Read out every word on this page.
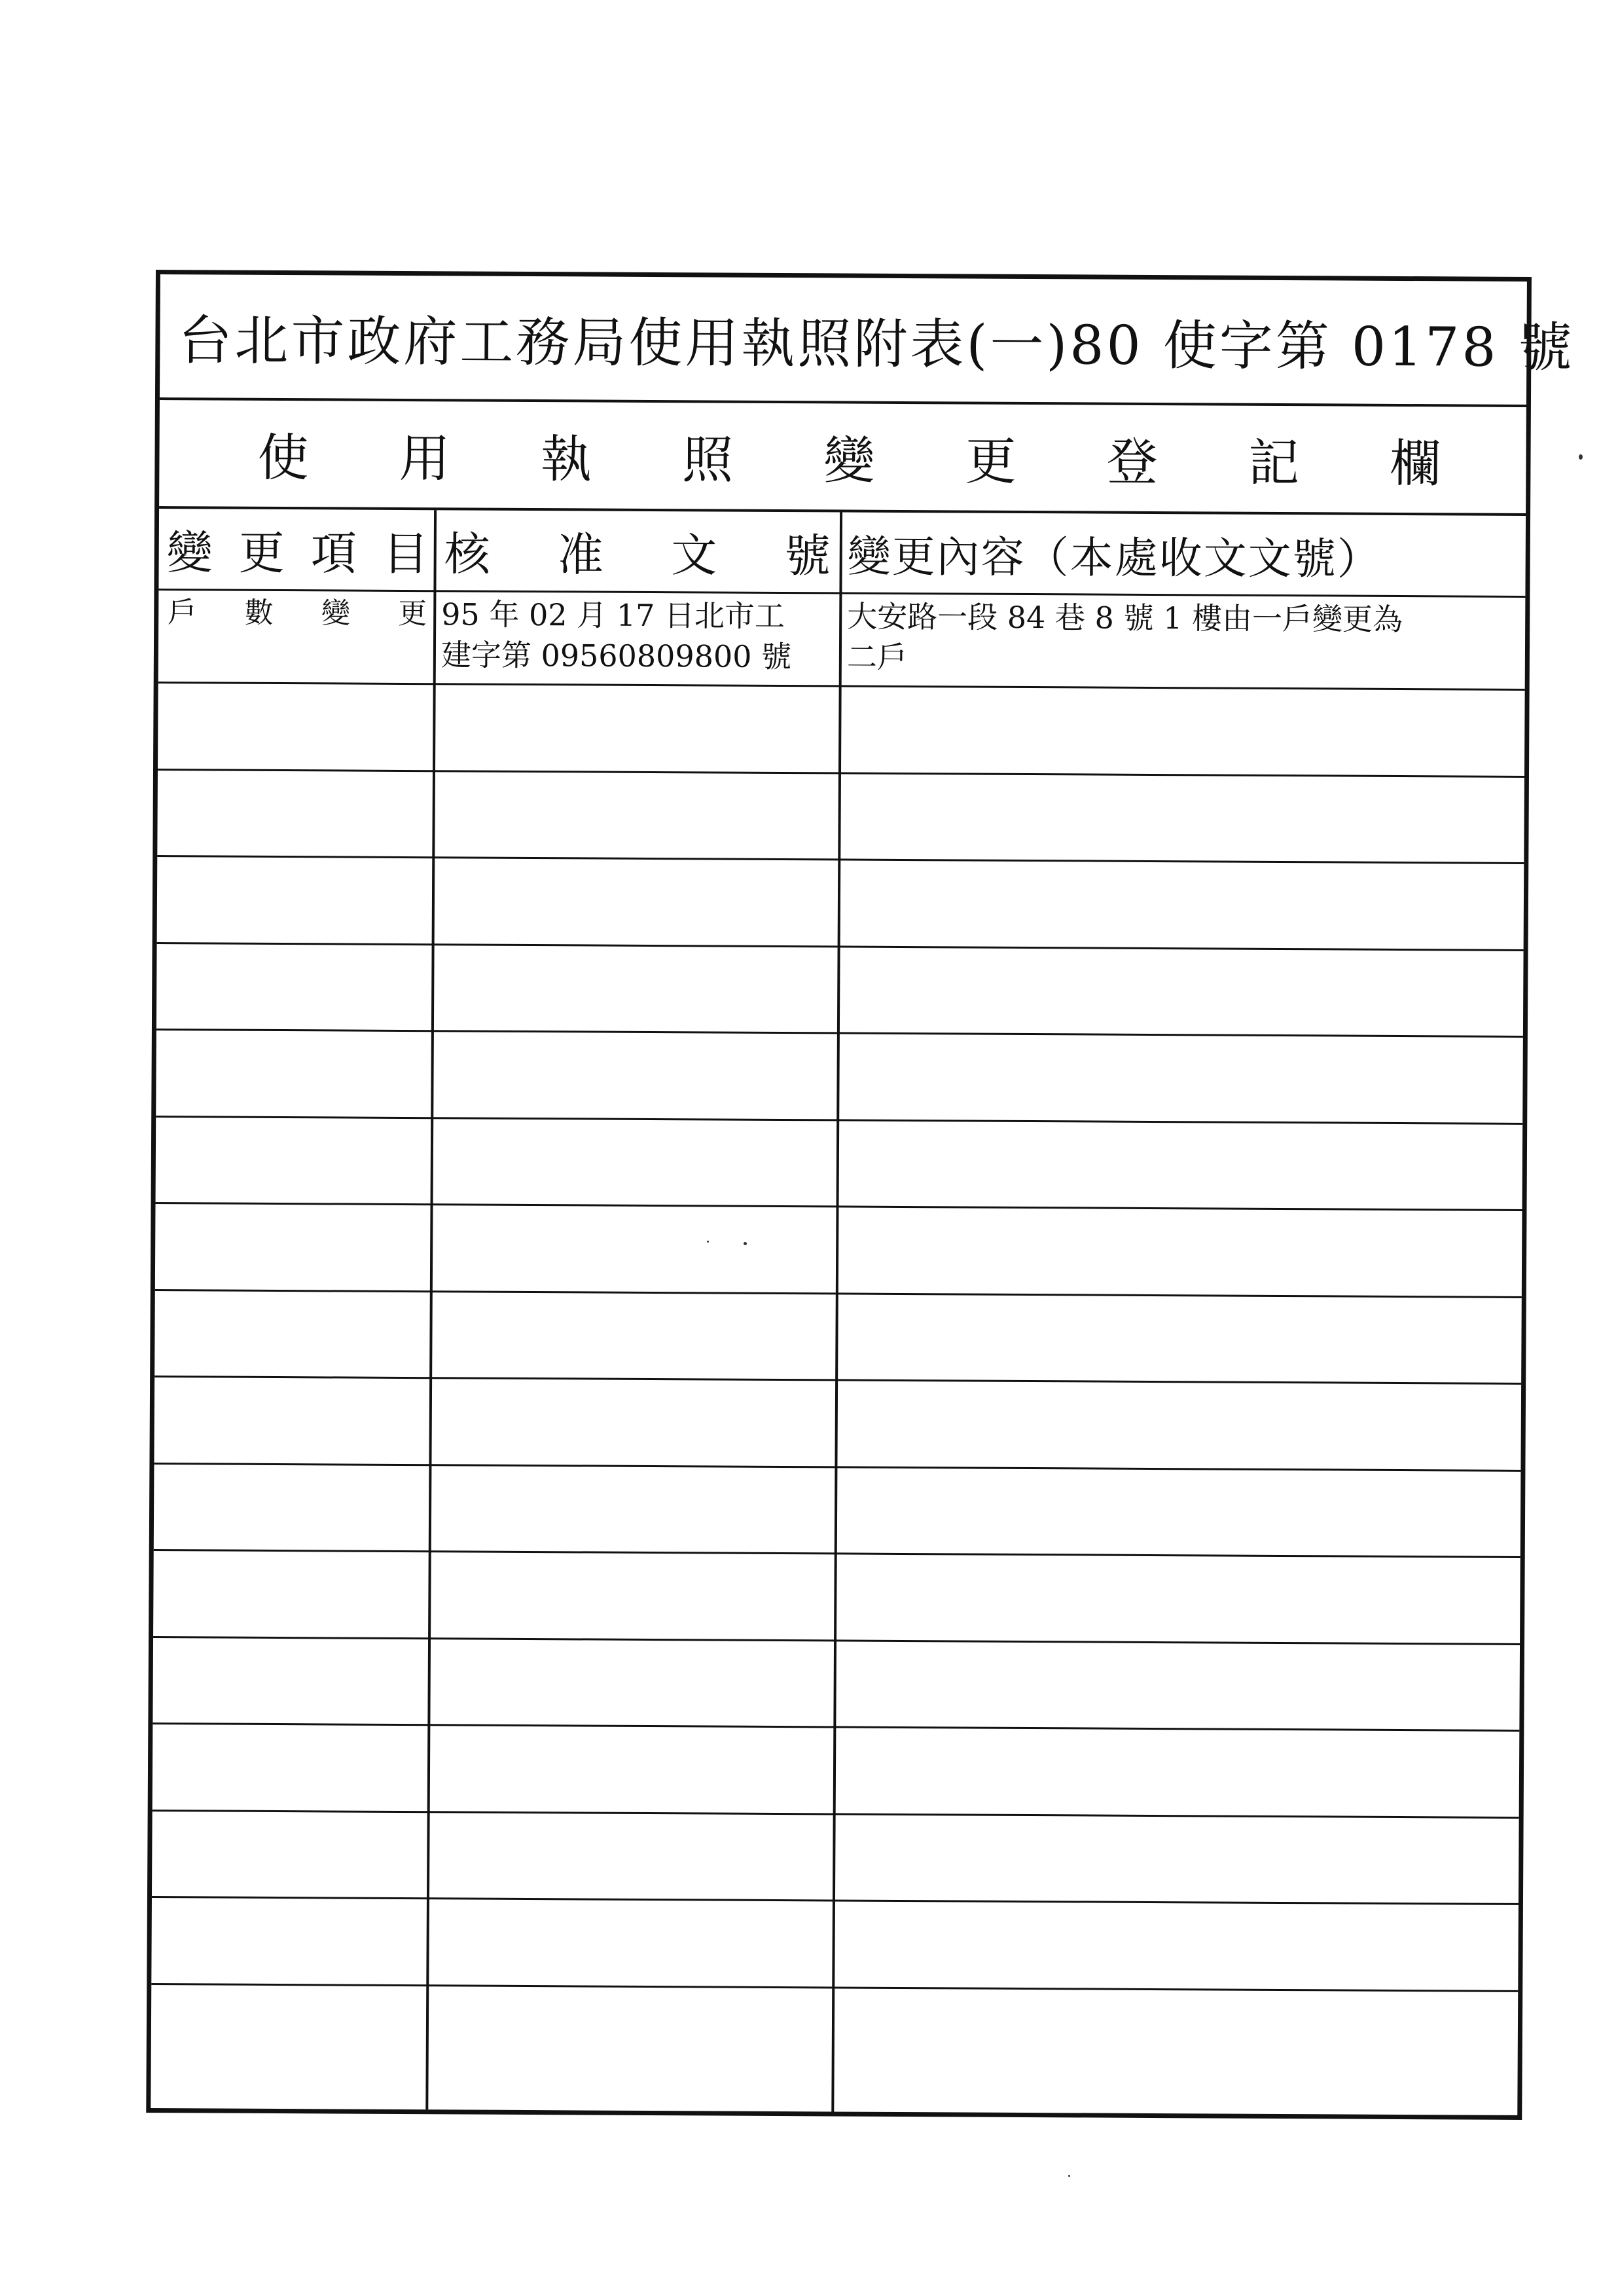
台北市政府工務局使用執照附表(一)80 使字第 0178 號
使 用 執 照 變 更 登 記 欄
變 更 項 目 核 准 文 號 變更內容（本處收文文號）
戶 數 變 更 95 年 02 月 17 日北市工
建字第 09560809800 號
大安路一段 84 巷 8 號 1 樓由一戶變更為
二戶
